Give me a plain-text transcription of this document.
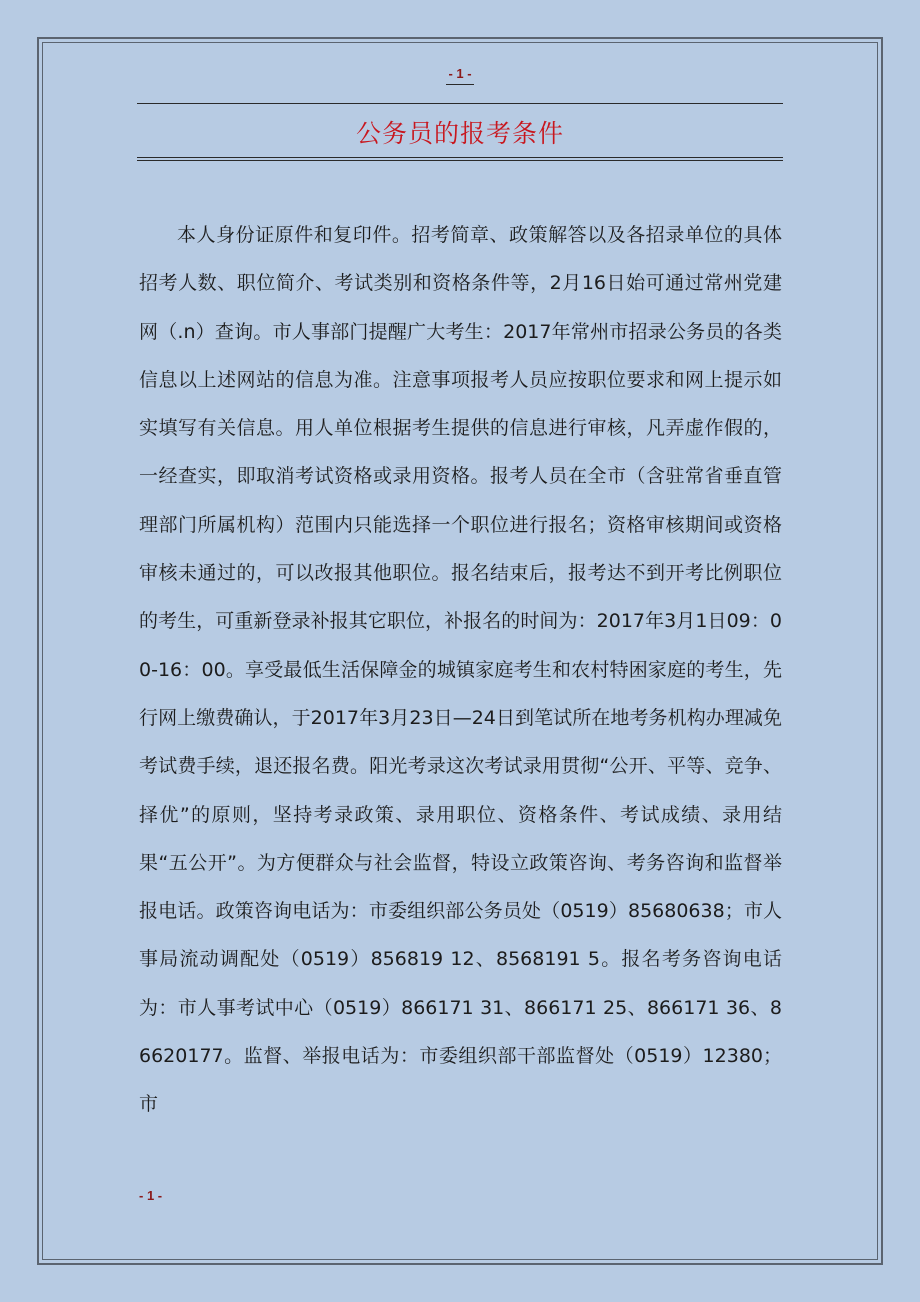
- 1 -
公务员的报考条件

本人身份证原件和复印件。招考简章、政策解答以及各招录单位的具体招考人数、职位简介、考试类别和资格条件等，2月16日始可通过常州党建网（.n）查询。市人事部门提醒广大考生：2017年常州市招录公务员的各类信息以上述网站的信息为准。注意事项报考人员应按职位要求和网上提示如实填写有关信息。用人单位根据考生提供的信息进行审核，凡弄虚作假的，一经查实，即取消考试资格或录用资格。报考人员在全市（含驻常省垂直管理部门所属机构）范围内只能选择一个职位进行报名；资格审核期间或资格审核未通过的，可以改报其他职位。报名结束后，报考达不到开考比例职位的考生，可重新登录补报其它职位，补报名的时间为：2017年3月1日09：00-16：00。享受最低生活保障金的城镇家庭考生和农村特困家庭的考生，先行网上缴费确认，于2017年3月23日—24日到笔试所在地考务机构办理减免考试费手续，退还报名费。阳光考录这次考试录用贯彻“公开、平等、竞争、择优”的原则，坚持考录政策、录用职位、资格条件、考试成绩、录用结果“五公开”。为方便群众与社会监督，特设立政策咨询、考务咨询和监督举报电话。政策咨询电话为：市委组织部公务员处（0519）85680638；市人事局流动调配处（0519）856819 12、8568191 5。报名考务咨询电话为：市人事考试中心（0519）866171 31、866171 25、866171 36、86620177。监督、举报电话为：市委组织部干部监督处（0519）12380；市

- 1 -
